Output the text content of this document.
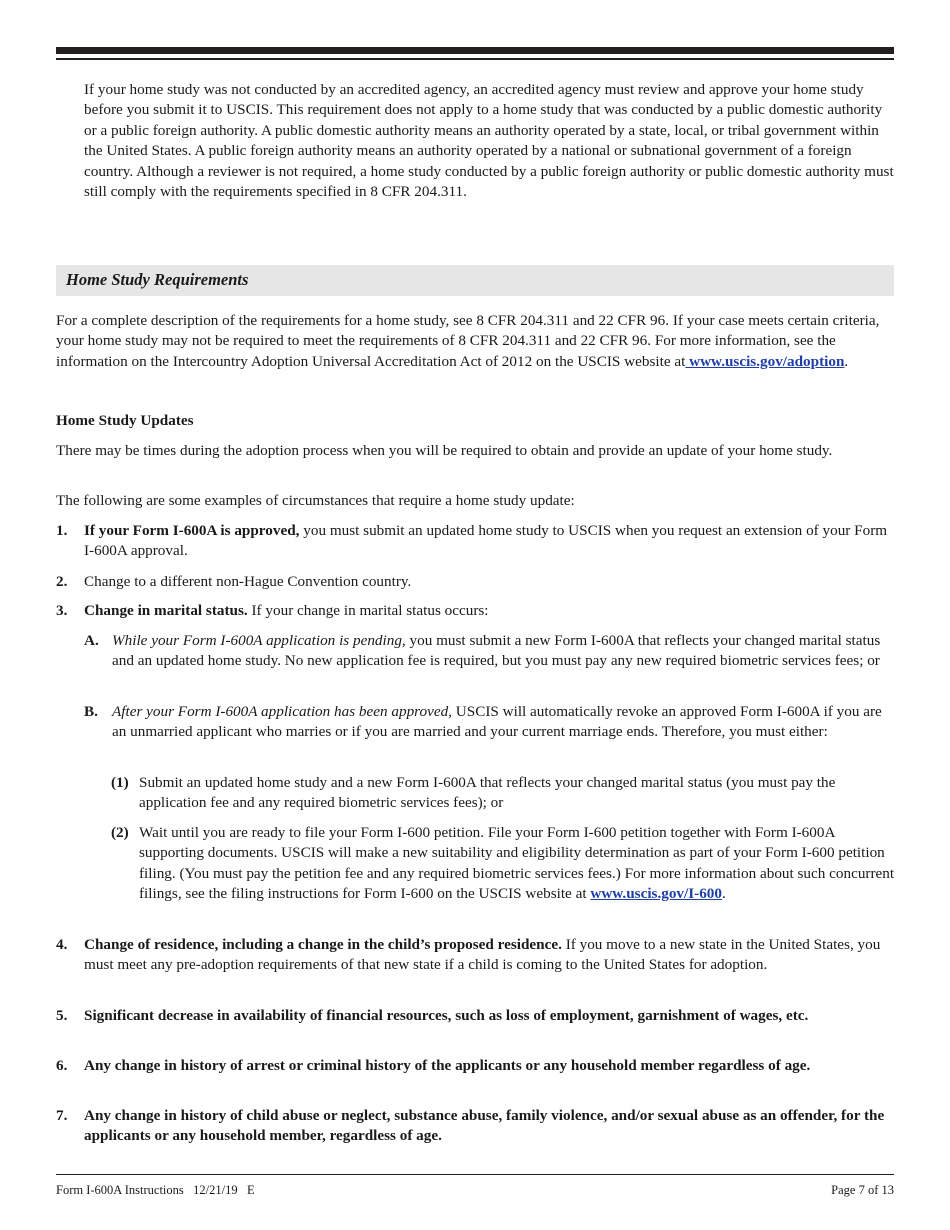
If your home study was not conducted by an accredited agency, an accredited agency must review and approve your home study before you submit it to USCIS. This requirement does not apply to a home study that was conducted by a public domestic authority or a public foreign authority. A public domestic authority means an authority operated by a state, local, or tribal government within the United States. A public foreign authority means an authority operated by a national or subnational government of a foreign country. Although a reviewer is not required, a home study conducted by a public foreign authority or public domestic authority must still comply with the requirements specified in 8 CFR 204.311.

Home Study Requirements

For a complete description of the requirements for a home study, see 8 CFR 204.311 and 22 CFR 96. If your case meets certain criteria, your home study may not be required to meet the requirements of 8 CFR 204.311 and 22 CFR 96. For more information, see the information on the Intercountry Adoption Universal Accreditation Act of 2012 on the USCIS website at www.uscis.gov/adoption.

Home Study Updates

There may be times during the adoption process when you will be required to obtain and provide an update of your home study.

The following are some examples of circumstances that require a home study update:

1. If your Form I-600A is approved, you must submit an updated home study to USCIS when you request an extension of your Form I-600A approval.

2. Change to a different non-Hague Convention country.

3. Change in marital status. If your change in marital status occurs:

A. While your Form I-600A application is pending, you must submit a new Form I-600A that reflects your changed marital status and an updated home study. No new application fee is required, but you must pay any new required biometric services fees; or

B. After your Form I-600A application has been approved, USCIS will automatically revoke an approved Form I-600A if you are an unmarried applicant who marries or if you are married and your current marriage ends. Therefore, you must either:

(1) Submit an updated home study and a new Form I-600A that reflects your changed marital status (you must pay the application fee and any required biometric services fees); or

(2) Wait until you are ready to file your Form I-600 petition. File your Form I-600 petition together with Form I-600A supporting documents. USCIS will make a new suitability and eligibility determination as part of your Form I-600 petition filing. (You must pay the petition fee and any required biometric services fees.) For more information about such concurrent filings, see the filing instructions for Form I-600 on the USCIS website at www.uscis.gov/I-600.

4. Change of residence, including a change in the child’s proposed residence. If you move to a new state in the United States, you must meet any pre-adoption requirements of that new state if a child is coming to the United States for adoption.

5. Significant decrease in availability of financial resources, such as loss of employment, garnishment of wages, etc.

6. Any change in history of arrest or criminal history of the applicants or any household member regardless of age.

7. Any change in history of child abuse or neglect, substance abuse, family violence, and/or sexual abuse as an offender, for the applicants or any household member, regardless of age.

Form I-600A Instructions   12/21/19   E	Page 7 of 13
